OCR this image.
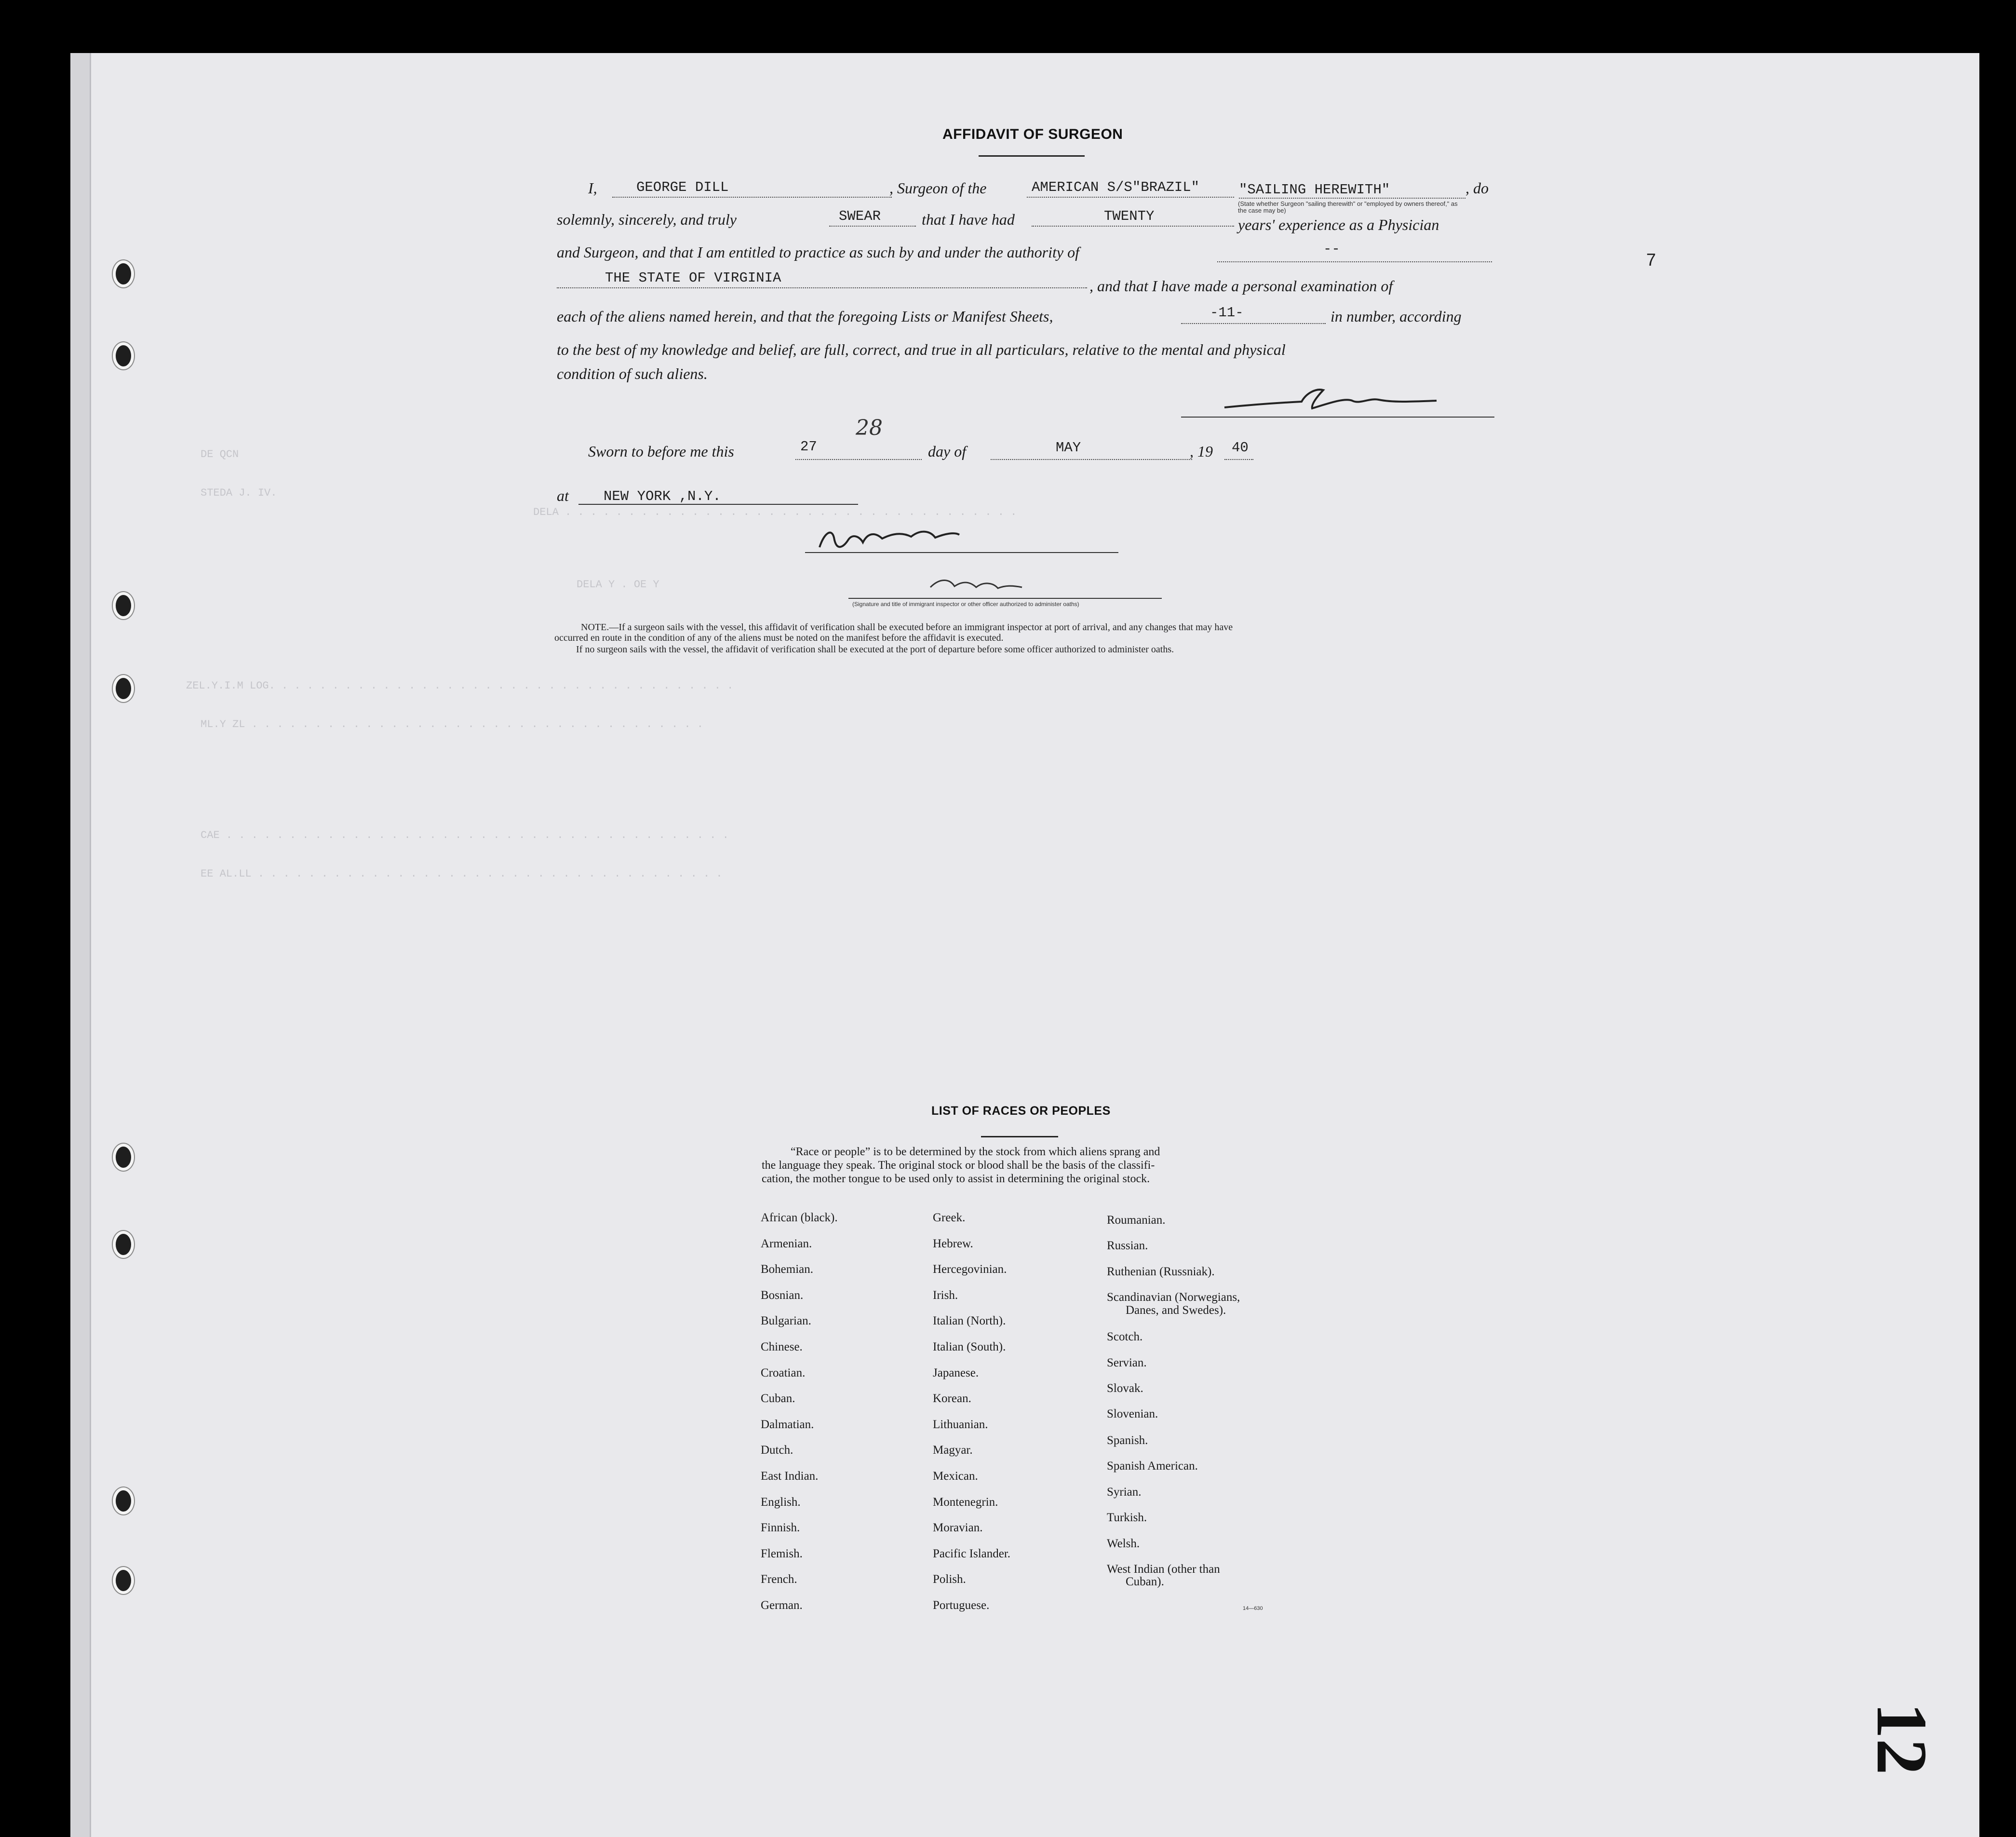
DE QCN
STEDA J. IV.
DELA . . . . . . . . . . . . . . . . . . . . . . . . . . . . . . . . . . . .
DELA Y . OE Y
ZEL.Y.I.M LOG. . . . . . . . . . . . . . . . . . . . . . . . . . . . . . . . . . . . .
ML.Y ZL . . . . . . . . . . . . . . . . . . . . . . . . . . . . . . . . . . . .
CAE . . . . . . . . . . . . . . . . . . . . . . . . . . . . . . . . . . . . . . . .
EE AL.LL . . . . . . . . . . . . . . . . . . . . . . . . . . . . . . . . . . . . .
AFFIDAVIT OF SURGEON
I,	GEORGE DILL	, Surgeon of the	AMERICAN S/S"BRAZIL"	"SAILING HEREWITH"	, do
(State whether Surgeon "sailing therewith" or "employed by owners thereof," as the case may be)
solemnly, sincerely, and truly	SWEAR	that I have had	TWENTY	years' experience as a Physician
and Surgeon, and that I am entitled to practice as such by and under the authority of	--
THE STATE OF VIRGINIA	, and that I have made a personal examination of
7
each of the aliens named herein, and that the foregoing Lists or Manifest Sheets,	-11-	in number, according
to the best of my knowledge and belief, are full, correct, and true in all particulars, relative to the mental and physical
condition of such aliens.
Sworn to before me this	27
28
day of	MAY	, 19 40
at NEW YORK ,N.Y.
(Signature and title of immigrant inspector or other officer authorized to administer oaths)
NOTE.—If a surgeon sails with the vessel, this affidavit of verification shall be executed before an immigrant inspector at port of arrival, and any changes that may have
occurred en route in the condition of any of the aliens must be noted on the manifest before the affidavit is executed.
If no surgeon sails with the vessel, the affidavit of verification shall be executed at the port of departure before some officer authorized to administer oaths.
LIST OF RACES OR PEOPLES
“Race or people” is to be determined by the stock from which aliens sprang and
the language they speak. The original stock or blood shall be the basis of the classifi-
cation, the mother tongue to be used only to assist in determining the original stock.
African (black).
Armenian.
Bohemian.
Bosnian.
Bulgarian.
Chinese.
Croatian.
Cuban.
Dalmatian.
Dutch.
East Indian.
English.
Finnish.
Flemish.
French.
German.
Greek.
Hebrew.
Hercegovinian.
Irish.
Italian (North).
Italian (South).
Japanese.
Korean.
Lithuanian.
Magyar.
Mexican.
Montenegrin.
Moravian.
Pacific Islander.
Polish.
Portuguese.
Roumanian.
Russian.
Ruthenian (Russniak).
Scandinavian (Norwegians,
Danes, and Swedes).
Scotch.
Servian.
Slovak.
Slovenian.
Spanish.
Spanish American.
Syrian.
Turkish.
Welsh.
West Indian (other than
Cuban).
14—630
12
